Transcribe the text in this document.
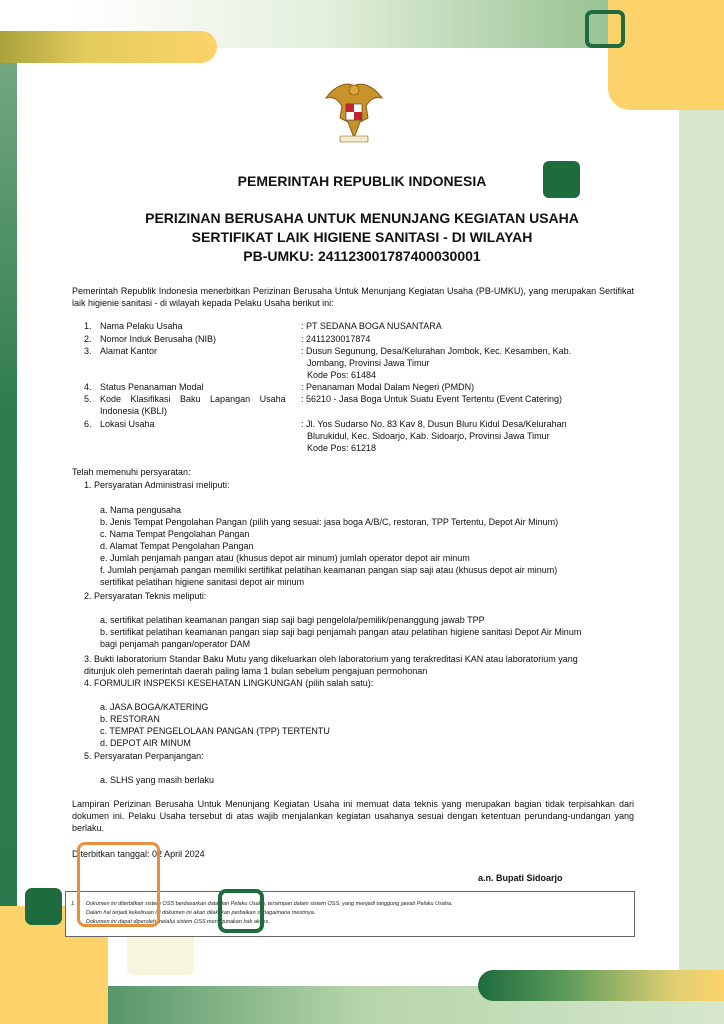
PEMERINTAH REPUBLIK INDONESIA
PERIZINAN BERUSAHA UNTUK MENUNJANG KEGIATAN USAHA
SERTIFIKAT LAIK HIGIENE SANITASI - DI WILAYAH
PB-UMKU: 241123001787400030001
Pemerintah Republik Indonesia menerbitkan Perizinan Berusaha Untuk Menunjang Kegiatan Usaha (PB-UMKU), yang merupakan Sertifikat laik higienie sanitasi - di wilayah kepada Pelaku Usaha berikut ini:
1. Nama Pelaku Usaha	: PT SEDANA BOGA NUSANTARA
2. Nomor Induk Berusaha (NIB)	: 2411230017874
3. Alamat Kantor	: Dusun Segunung, Desa/Kelurahan Jombok, Kec. Kesamben, Kab.
Jombang, Provinsi Jawa Timur
Kode Pos: 61484
4. Status Penanaman Modal	: Penanaman Modal Dalam Negeri (PMDN)
5. Kode Klasifikasi Baku Lapangan Usaha
Indonesia (KBLI)
: 56210 - Jasa Boga Untuk Suatu Event Tertentu (Event Catering)
6. Lokasi Usaha	: Jl. Yos Sudarso No. 83 Kav 8, Dusun Bluru Kidul Desa/Kelurahan
Blurukidul, Kec. Sidoarjo, Kab. Sidoarjo, Provinsi Jawa Timur
Kode Pos: 61218
Telah memenuhi persyaratan:
1. Persyaratan Administrasi meliputi:
a. Nama pengusaha
b. Jenis Tempat Pengolahan Pangan (pilih yang sesuai: jasa boga A/B/C, restoran, TPP Tertentu, Depot Air Minum)
c. Nama Tempat Pengolahan Pangan
d. Alamat Tempat Pengolahan Pangan
e. Jumlah penjamah pangan atau (khusus depot air minum) jumlah operator depot air minum
f. Jumlah penjamah pangan memiliki sertifikat pelatihan keamanan pangan siap saji atau (khusus depot air minum)
sertifikat pelatihan higiene sanitasi depot air minum
2. Persyaratan Teknis meliputi:
a. sertifikat pelatihan keamanan pangan siap saji bagi pengelola/pemilik/penanggung jawab TPP
b. sertifikat pelatihan keamanan pangan siap saji bagi penjamah pangan atau pelatihan higiene sanitasi Depot Air Minum
bagi penjamah pangan/operator DAM
3. Bukti laboratorium Standar Baku Mutu yang dikeluarkan oleh laboratorium yang terakreditasi KAN atau laboratorium yang
ditunjuk oleh pemerintah daerah paling lama 1 bulan sebelum pengajuan permohonan
4. FORMULIR INSPEKSI KESEHATAN LINGKUNGAN (pilih salah satu):
a. JASA BOGA/KATERING
b. RESTORAN
c. TEMPAT PENGELOLAAN PANGAN (TPP) TERTENTU
d. DEPOT AIR MINUM
5. Persyaratan Perpanjangan:
a. SLHS yang masih berlaku
Lampiran Perizinan Berusaha Untuk Menunjang Kegiatan Usaha ini memuat data teknis yang merupakan bagian tidak terpisahkan dari dokumen ini. Pelaku Usaha tersebut di atas wajib menjalankan kegiatan usahanya sesuai dengan ketentuan perundang-undangan yang berlaku.
Diterbitkan tanggal: 02 April 2024
a.n. Bupati Sidoarjo
1. Dokumen ini diterbitkan sistem OSS berdasarkan data dari Pelaku Usaha, tersimpan dalam sistem OSS, yang menjadi tanggung jawab Pelaku Usaha.
Dalam hal terjadi kekeliruan isi dokumen ini akan dilakukan perbaikan sebagaimana mestinya.
Dokumen ini dapat diperoleh melalui sistem OSS menggunakan hak akses.
